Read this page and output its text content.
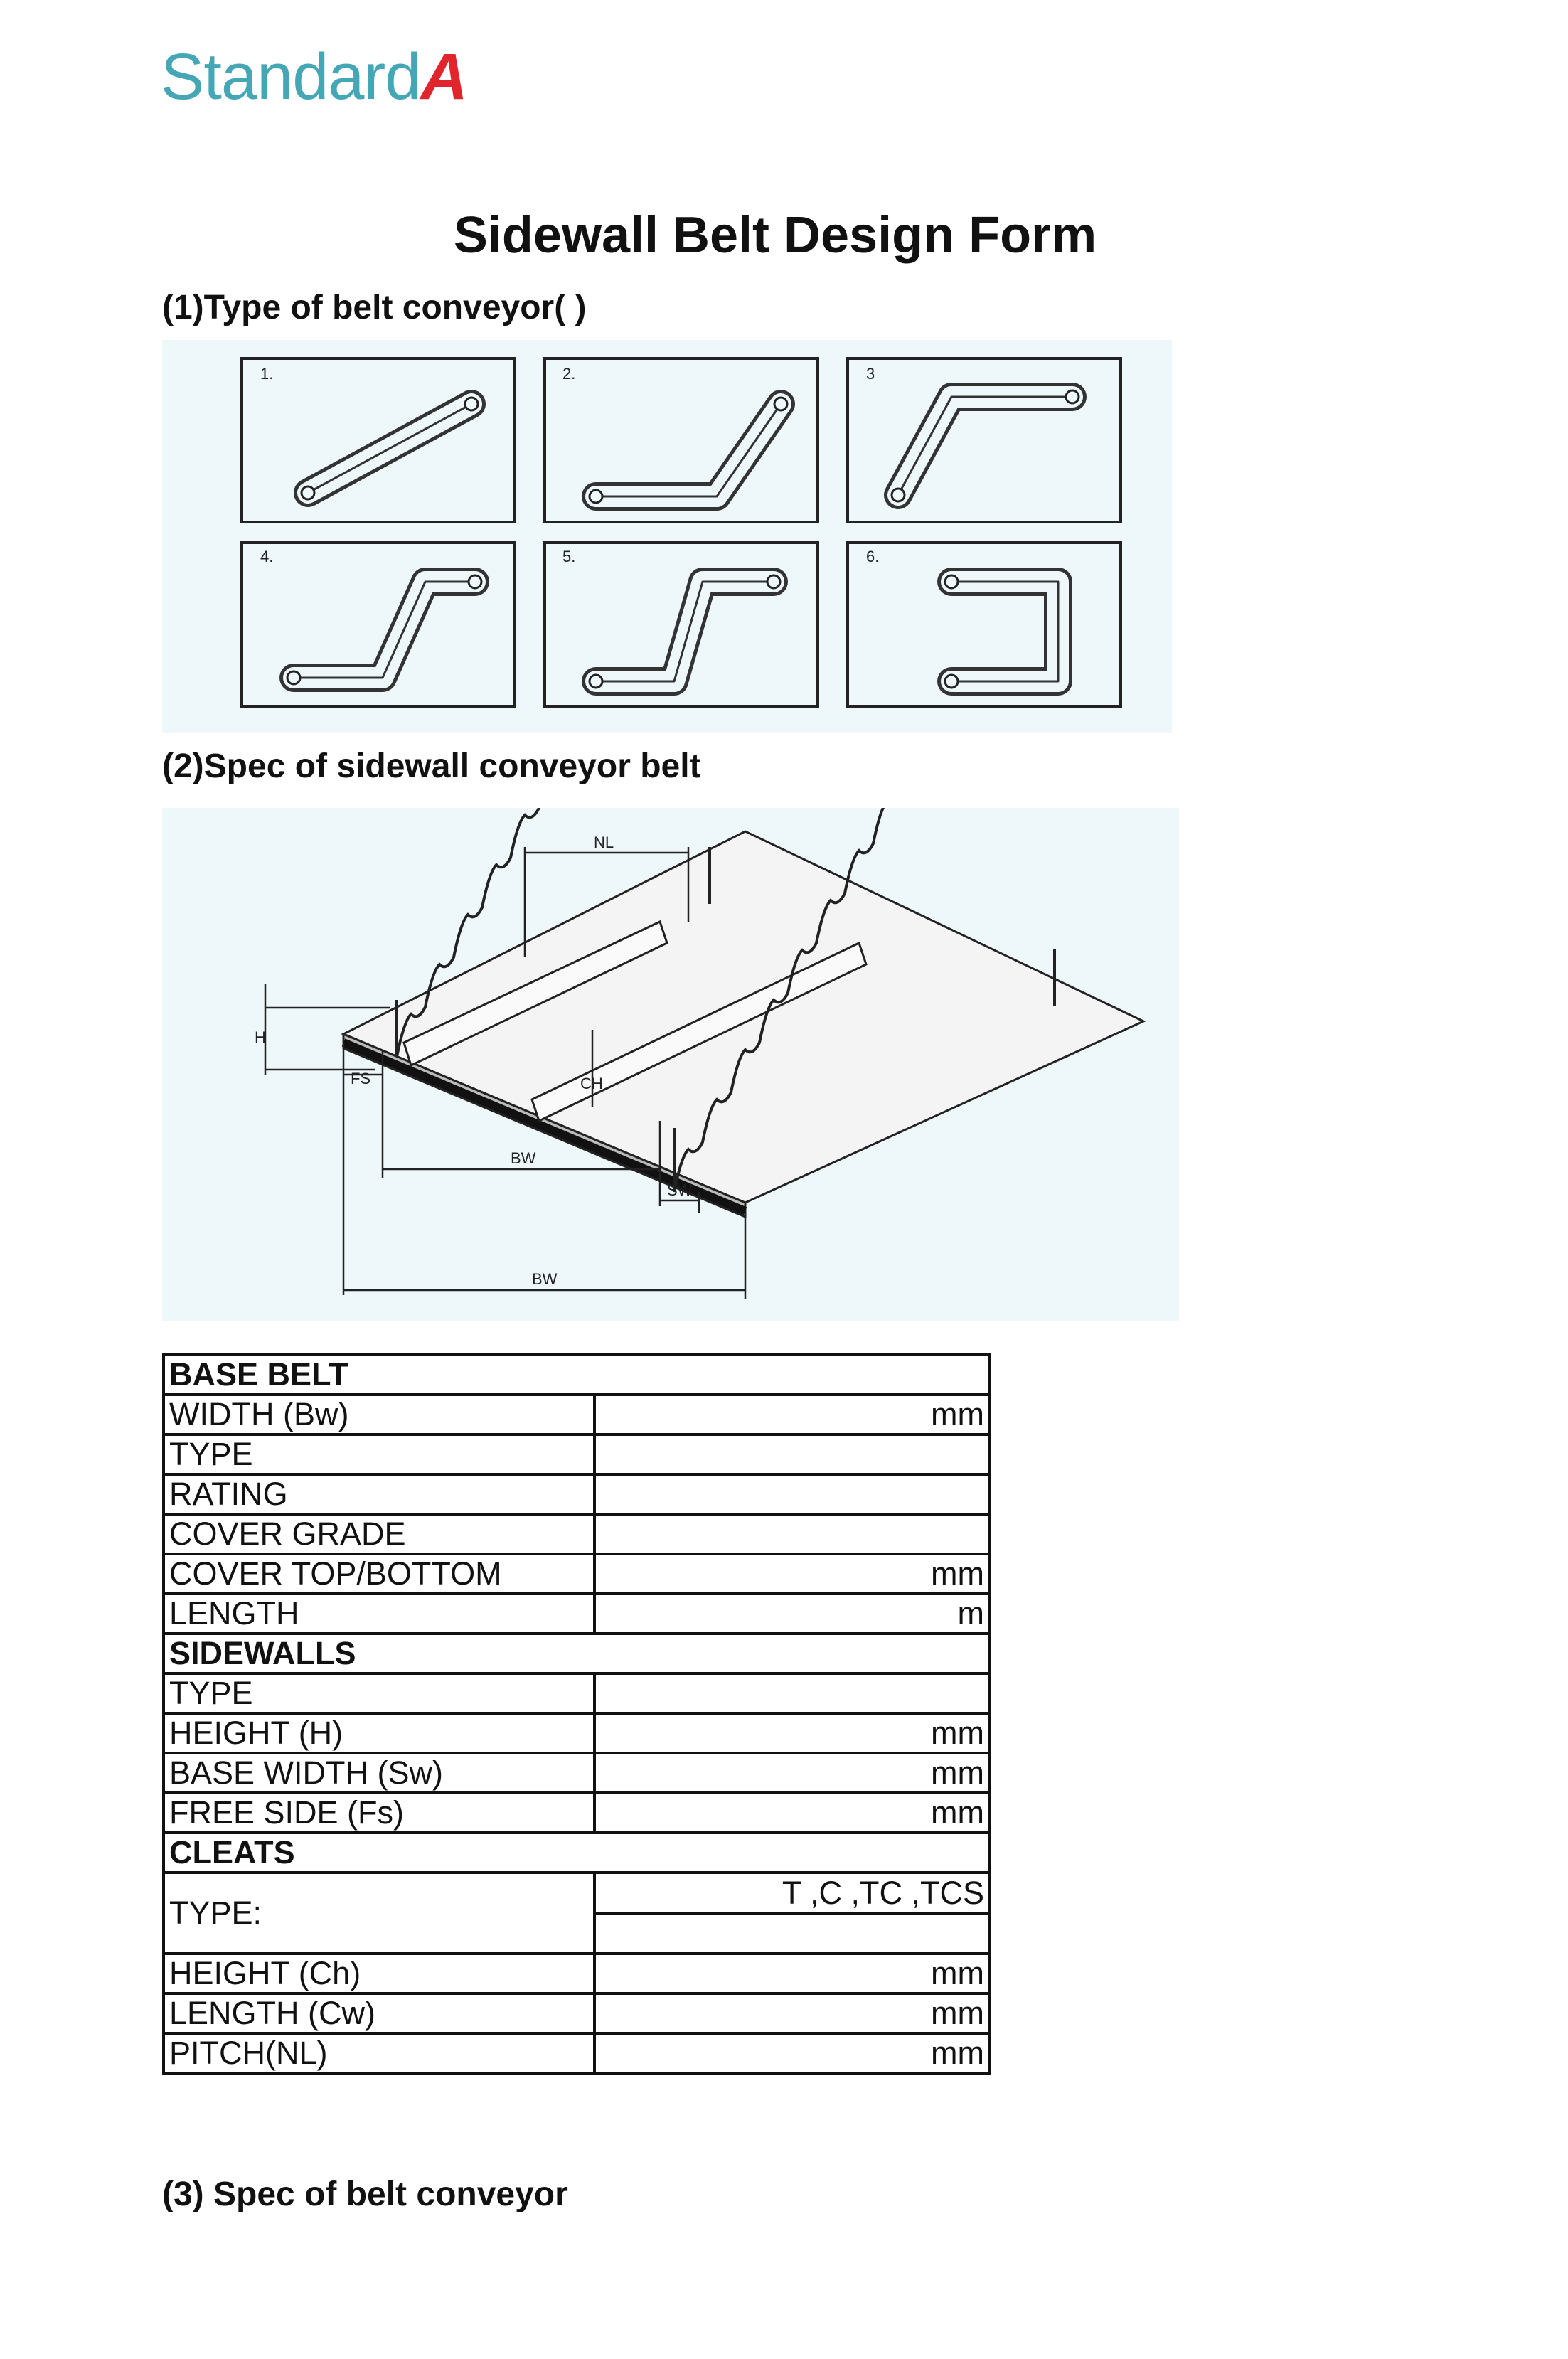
StandardA
Sidewall Belt Design Form
(1)Type of belt conveyor( )
1.	2.	3
4.	5.	6.
(2)Spec of sidewall conveyor belt
NL
H
FS	CH
BW
SW
BW
BASE BELT	
WIDTH (Bw)	mm
TYPE	
RATING	
COVER GRADE	
COVER TOP/BOTTOM	mm
LENGTH	m
SIDEWALLS	
TYPE	
HEIGHT (H)	mm
BASE WIDTH (Sw)	mm
FREE SIDE (Fs)	mm
CLEATS	
TYPE:	T ,C ,TC ,TCS

HEIGHT (Ch)	mm
LENGTH (Cw)	mm
PITCH(NL)	mm
(3) Spec of belt conveyor
